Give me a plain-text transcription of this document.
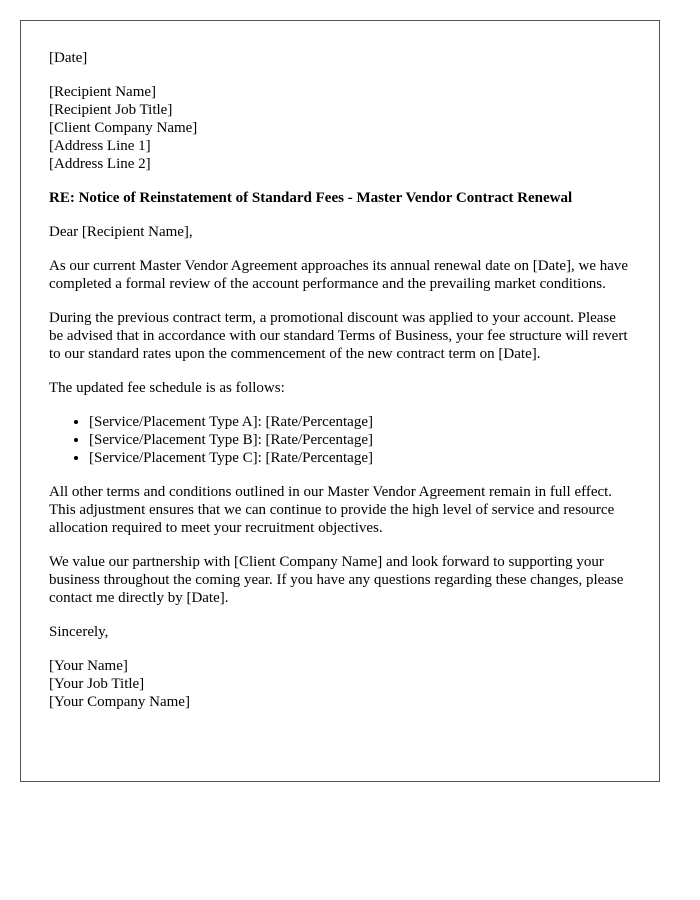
[Date]
[Recipient Name]
[Recipient Job Title]
[Client Company Name]
[Address Line 1]
[Address Line 2]

RE: Notice of Reinstatement of Standard Fees - Master Vendor Contract Renewal

Dear [Recipient Name],

As our current Master Vendor Agreement approaches its annual renewal date on [Date], we have completed a formal review of the account performance and the prevailing market conditions.

During the previous contract term, a promotional discount was applied to your account. Please be advised that in accordance with our standard Terms of Business, your fee structure will revert to our standard rates upon the commencement of the new contract term on [Date].

The updated fee schedule is as follows:

• [Service/Placement Type A]: [Rate/Percentage]
• [Service/Placement Type B]: [Rate/Percentage]
• [Service/Placement Type C]: [Rate/Percentage]

All other terms and conditions outlined in our Master Vendor Agreement remain in full effect. This adjustment ensures that we can continue to provide the high level of service and resource allocation required to meet your recruitment objectives.

We value our partnership with [Client Company Name] and look forward to supporting your business throughout the coming year. If you have any questions regarding these changes, please contact me directly by [Date].

Sincerely,

[Your Name]
[Your Job Title]
[Your Company Name]
